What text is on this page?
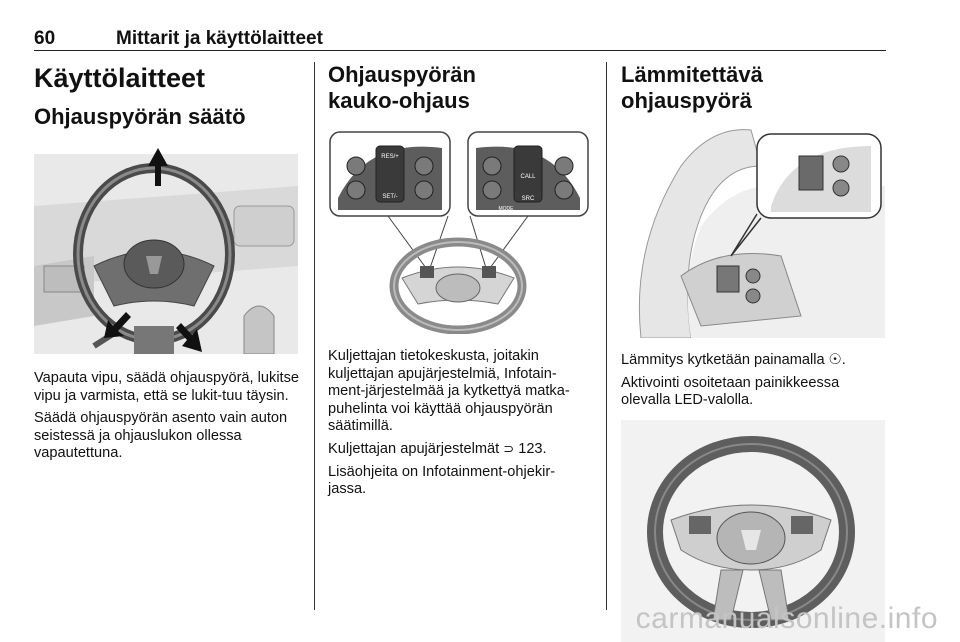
60	Mittarit ja käyttölaitteet
Käyttölaitteet
Ohjauspyörän säätö

Vapauta vipu, säädä ohjauspyörä, lukitse vipu ja varmista, että se lukit-tuu täysin.

Säädä ohjauspyörän asento vain auton seistessä ja ohjauslukon ollessa vapautettuna.

Ohjauspyörän
kauko-ohjaus
RES/+
SET/-
CALL
SRC
MODE

Kuljettajan tietokeskusta, joitakin kuljettajan apujärjestelmiä, Infotain-ment-järjestelmää ja kytkettyä matka-puhelinta voi käyttää ohjauspyörän säätimillä.

Kuljettajan apujärjestelmät ⊃ 123.

Lisäohjeita on Infotainment-ohjekir-jassa.

Lämmitettävä ohjauspyörä

Lämmitys kytketään painamalla ☉.

Aktivointi osoitetaan painikkeessa olevalla LED-valolla.

carmanualsonline.info
